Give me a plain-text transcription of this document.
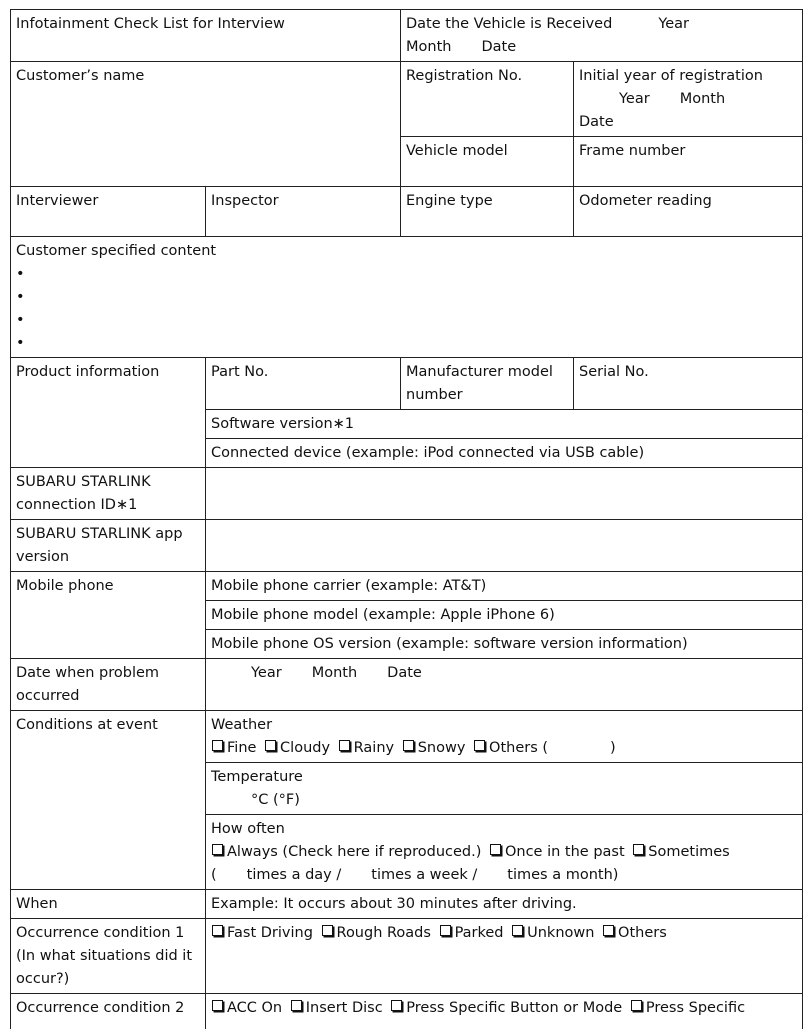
Infotainment Check List for Interview		Date the Vehicle is Received Year
Month Date	

Customer’s name		Registration No.	Initial year of registration
Year Month
Date

		Vehicle model	Frame number
Interviewer	Inspector	Engine type	Odometer reading

Customer specified content
•
•
•
•			

Product information	Part No.	Manufacturer model number	Serial No.
	Software version∗1		
	Connected device (example: iPod connected via USB cable)		
SUBARU STARLINK connection ID∗1			
SUBARU STARLINK app version			
Mobile phone	Mobile phone carrier (example: AT&T)		
	Mobile phone model (example: Apple iPhone 6)		
	Mobile phone OS version (example: software version information)		
Date when problem occurred	Year Month Date		
Conditions at event	Weather
Fine Cloudy Rainy Snowy Others ( )		

	Temperature
°C (°F)		

	How often
Always (Check here if reproduced.) Once in the past Sometimes
( times a day / times a week / times a month)		

When	Example: It occurs about 30 minutes after driving.		
Occurrence condition 1 (In what situations did it occur?)	Fast Driving Rough Roads Parked Unknown Others		
Occurrence condition 2	ACC On Insert Disc Press Specific Button or Mode Press Specific		
